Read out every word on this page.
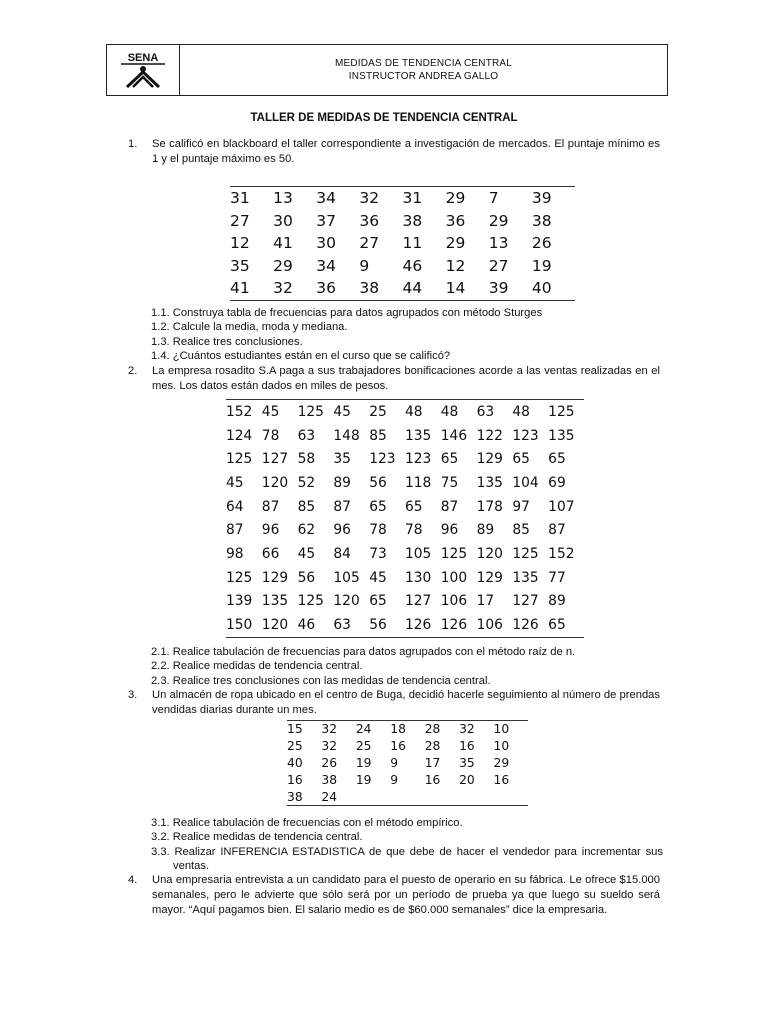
SENA	MEDIDAS DE TENDENCIA CENTRAL
INSTRUCTOR ANDREA GALLO
TALLER DE MEDIDAS DE TENDENCIA CENTRAL
1. Se calificó en blackboard el taller correspondiente a investigación de mercados. El puntaje mínimo es 1 y el puntaje máximo es 50.
31	13	34	32	31	29	7	39
27	30	37	36	38	36	29	38
12	41	30	27	11	29	13	26
35	29	34	9	46	12	27	19
41	32	36	38	44	14	39	40
1.1. Construya tabla de frecuencias para datos agrupados con método Sturges
1.2. Calcule la media, moda y mediana.
1.3. Realice tres conclusiones.
1.4. ¿Cuántos estudiantes están en el curso que se calificó?
2. La empresa rosadito S.A paga a sus trabajadores bonificaciones acorde a las ventas realizadas en el mes. Los datos están dados en miles de pesos.
152	45	125	45	25	48	48	63	48	125
124	78	63	148	85	135	146	122	123	135
125	127	58	35	123	123	65	129	65	65
45	120	52	89	56	118	75	135	104	69
64	87	85	87	65	65	87	178	97	107
87	96	62	96	78	78	96	89	85	87
98	66	45	84	73	105	125	120	125	152
125	129	56	105	45	130	100	129	135	77
139	135	125	120	65	127	106	17	127	89
150	120	46	63	56	126	126	106	126	65
2.1. Realice tabulación de frecuencias para datos agrupados con el método raíz de n.
2.2. Realice medidas de tendencia central.
2.3. Realice tres conclusiones con las medidas de tendencia central.
3. Un almacén de ropa ubicado en el centro de Buga, decidió hacerle seguimiento al número de prendas vendidas diarias durante un mes.
15	32	24	18	28	32	10
25	32	25	16	28	16	10
40	26	19	9	17	35	29
16	38	19	9	16	20	16
38	24					
3.1. Realice tabulación de frecuencias con el método empírico.
3.2. Realice medidas de tendencia central.
3.3. Realizar INFERENCIA ESTADISTICA de que debe de hacer el vendedor para incrementar sus ventas.
4. Una empresaria entrevista a un candidato para el puesto de operario en su fábrica. Le ofrece $15.000 semanales, pero le advierte que sólo será por un período de prueba ya que luego su sueldo será mayor. “Aquí pagamos bien. El salario medio es de $60.000 semanales” dice la empresaria.
